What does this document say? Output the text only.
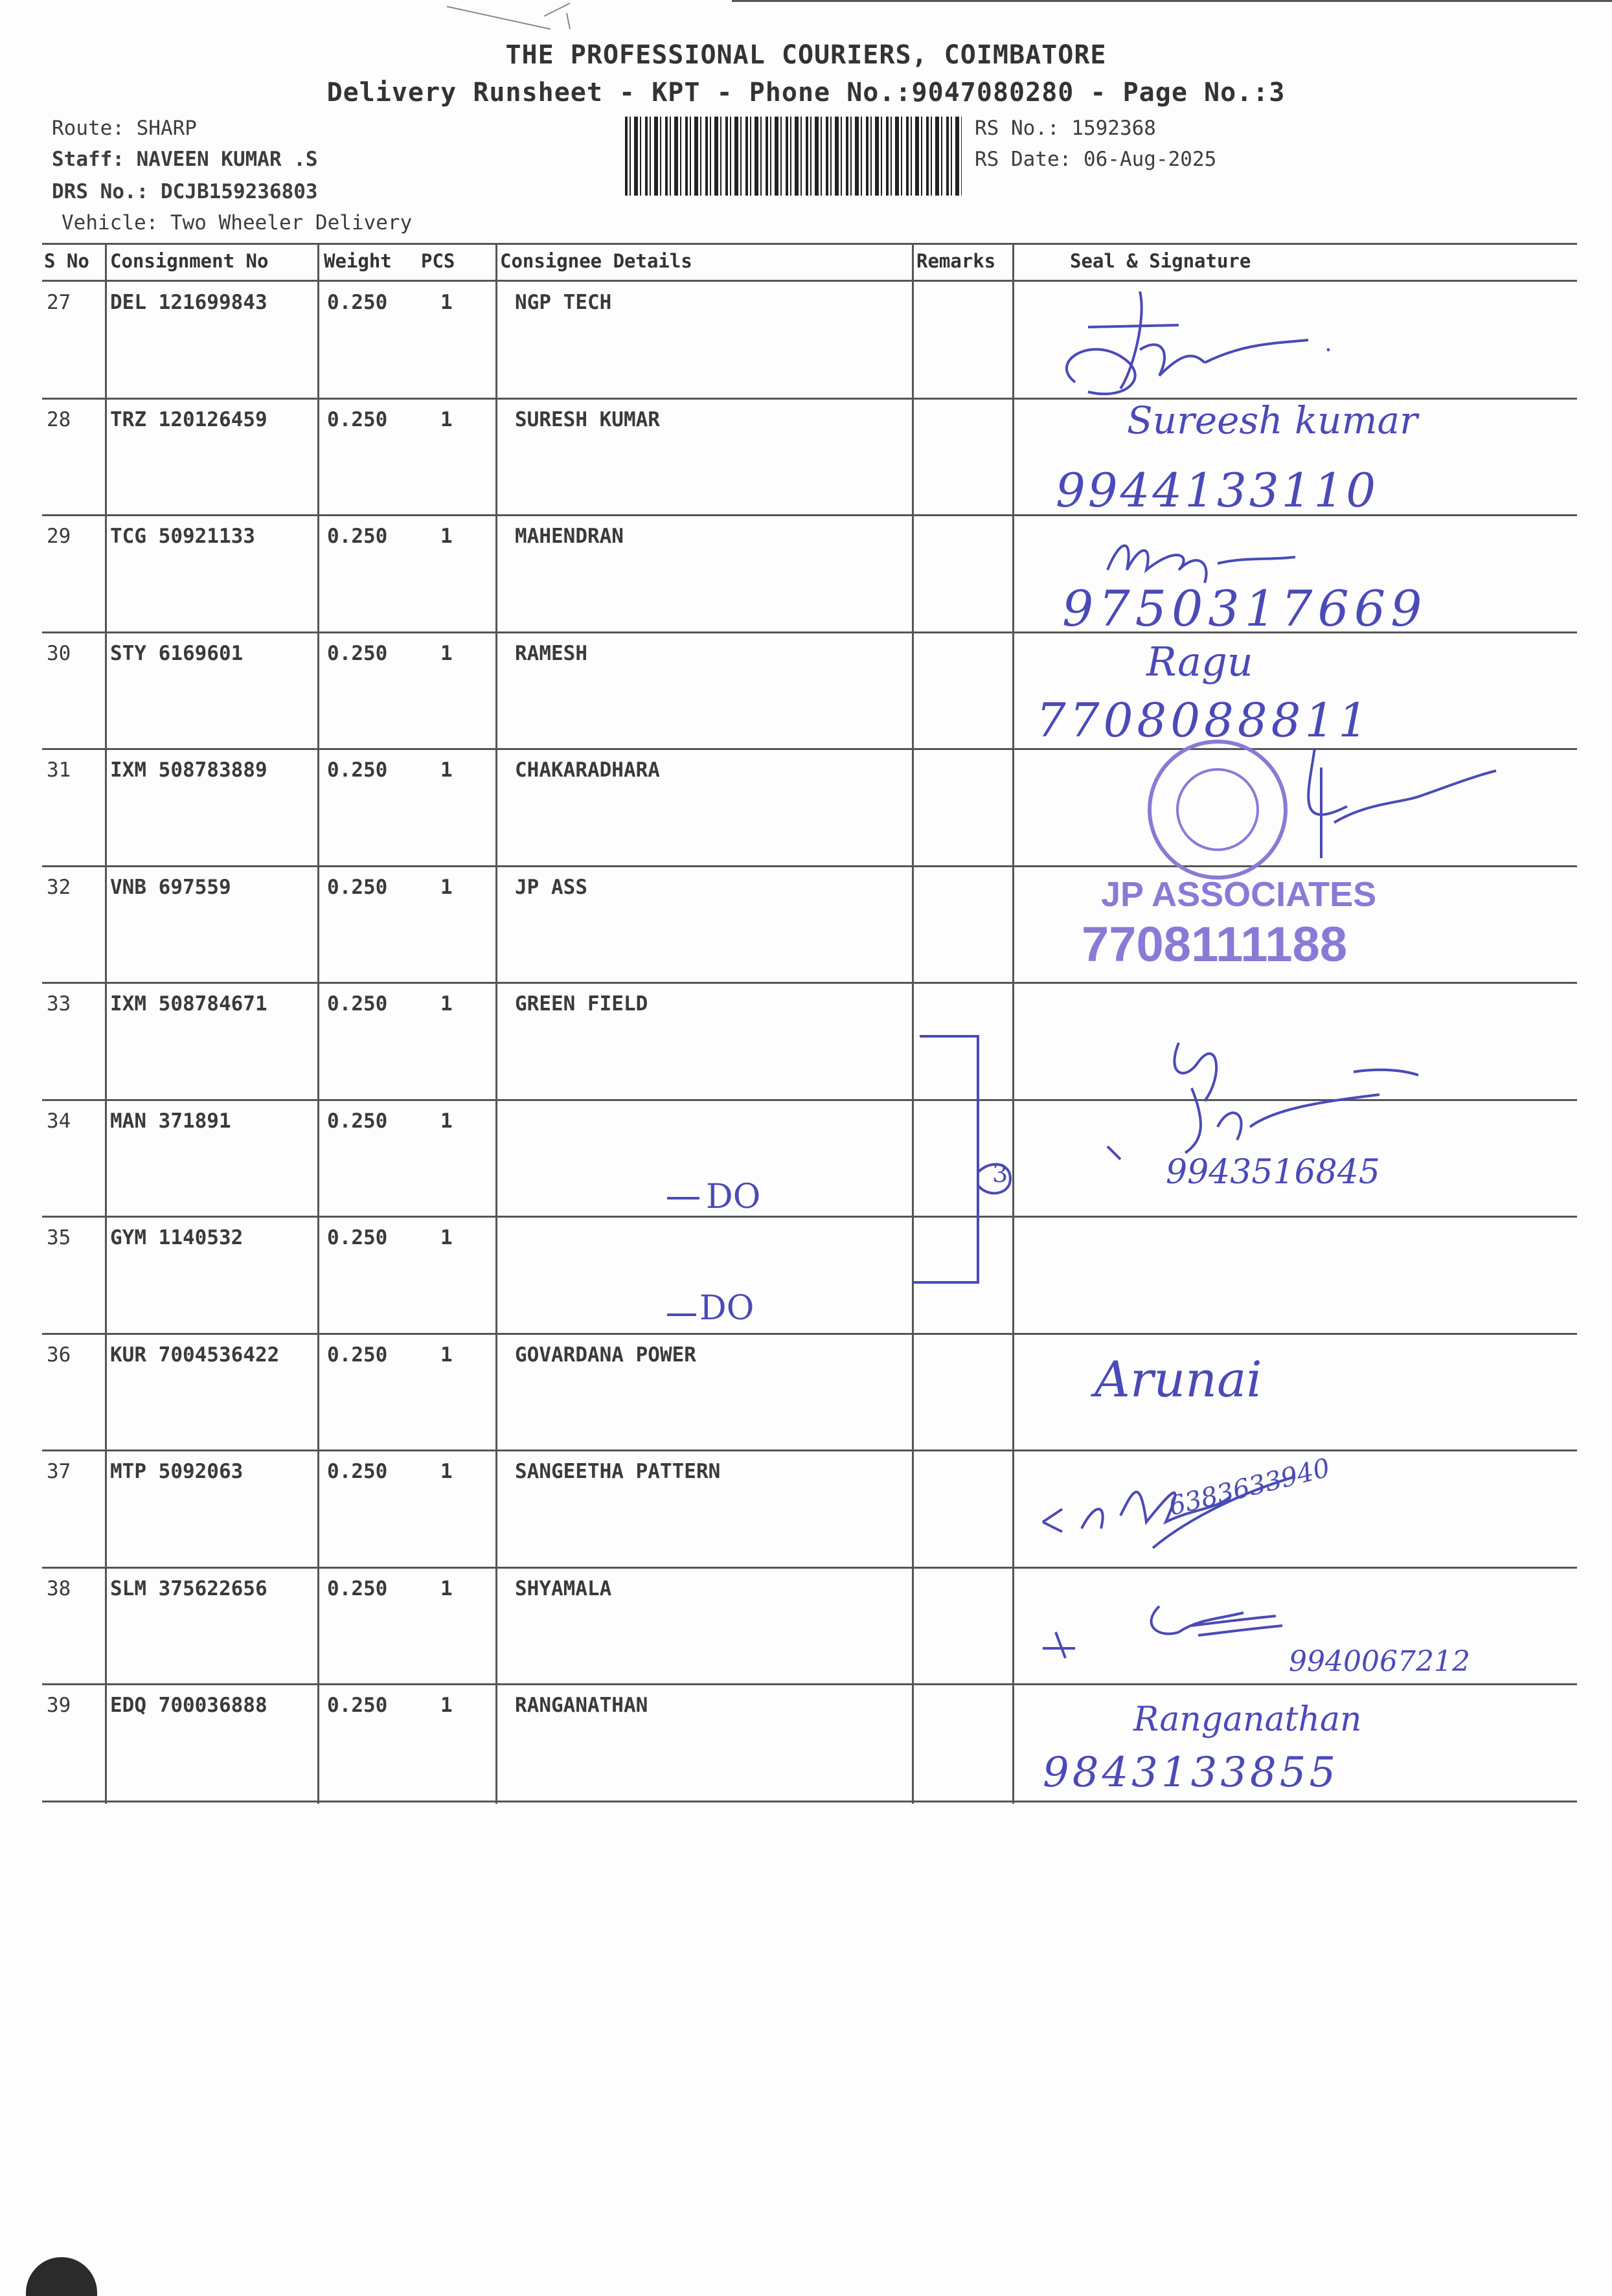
THE PROFESSIONAL COURIERS, COIMBATORE
Delivery Runsheet - KPT - Phone No.:9047080280 - Page No.:3
Route: SHARP
Staff: NAVEEN KUMAR .S
DRS No.: DCJB159236803
Vehicle: Two Wheeler Delivery
RS No.: 1592368
RS Date: 06-Aug-2025
S No Consignment No	Weight PCS Consignee Details	Remarks	Seal & Signature
27 DEL 121699843	0.250	1	NGP TECH
28 TRZ 120126459	0.250	1	SURESH KUMAR
29 TCG 50921133	0.250	1	MAHENDRAN
30 STY 6169601	0.250	1	RAMESH
31 IXM 508783889	0.250	1	CHAKARADHARA
32 VNB 697559	0.250	1	JP ASS
33 IXM 508784671	0.250	1	GREEN FIELD
34 MAN 371891	0.250	1
35 GYM 1140532	0.250	1
36 KUR 7004536422 0.250	1	GOVARDANA POWER
37 MTP 5092063	0.250	1	SANGEETHA PATTERN
38 SLM 375622656	0.250	1	SHYAMALA
39 EDQ 700036888	0.250	1	RANGANATHAN
Sureesh kumar
9944133110
9750317669
Ragu
7708088811
JP ASSOCIATES
7708111188
3
DO
DO
9943516845
Arunai
6383633940
9940067212
Ranganathan
9843133855
